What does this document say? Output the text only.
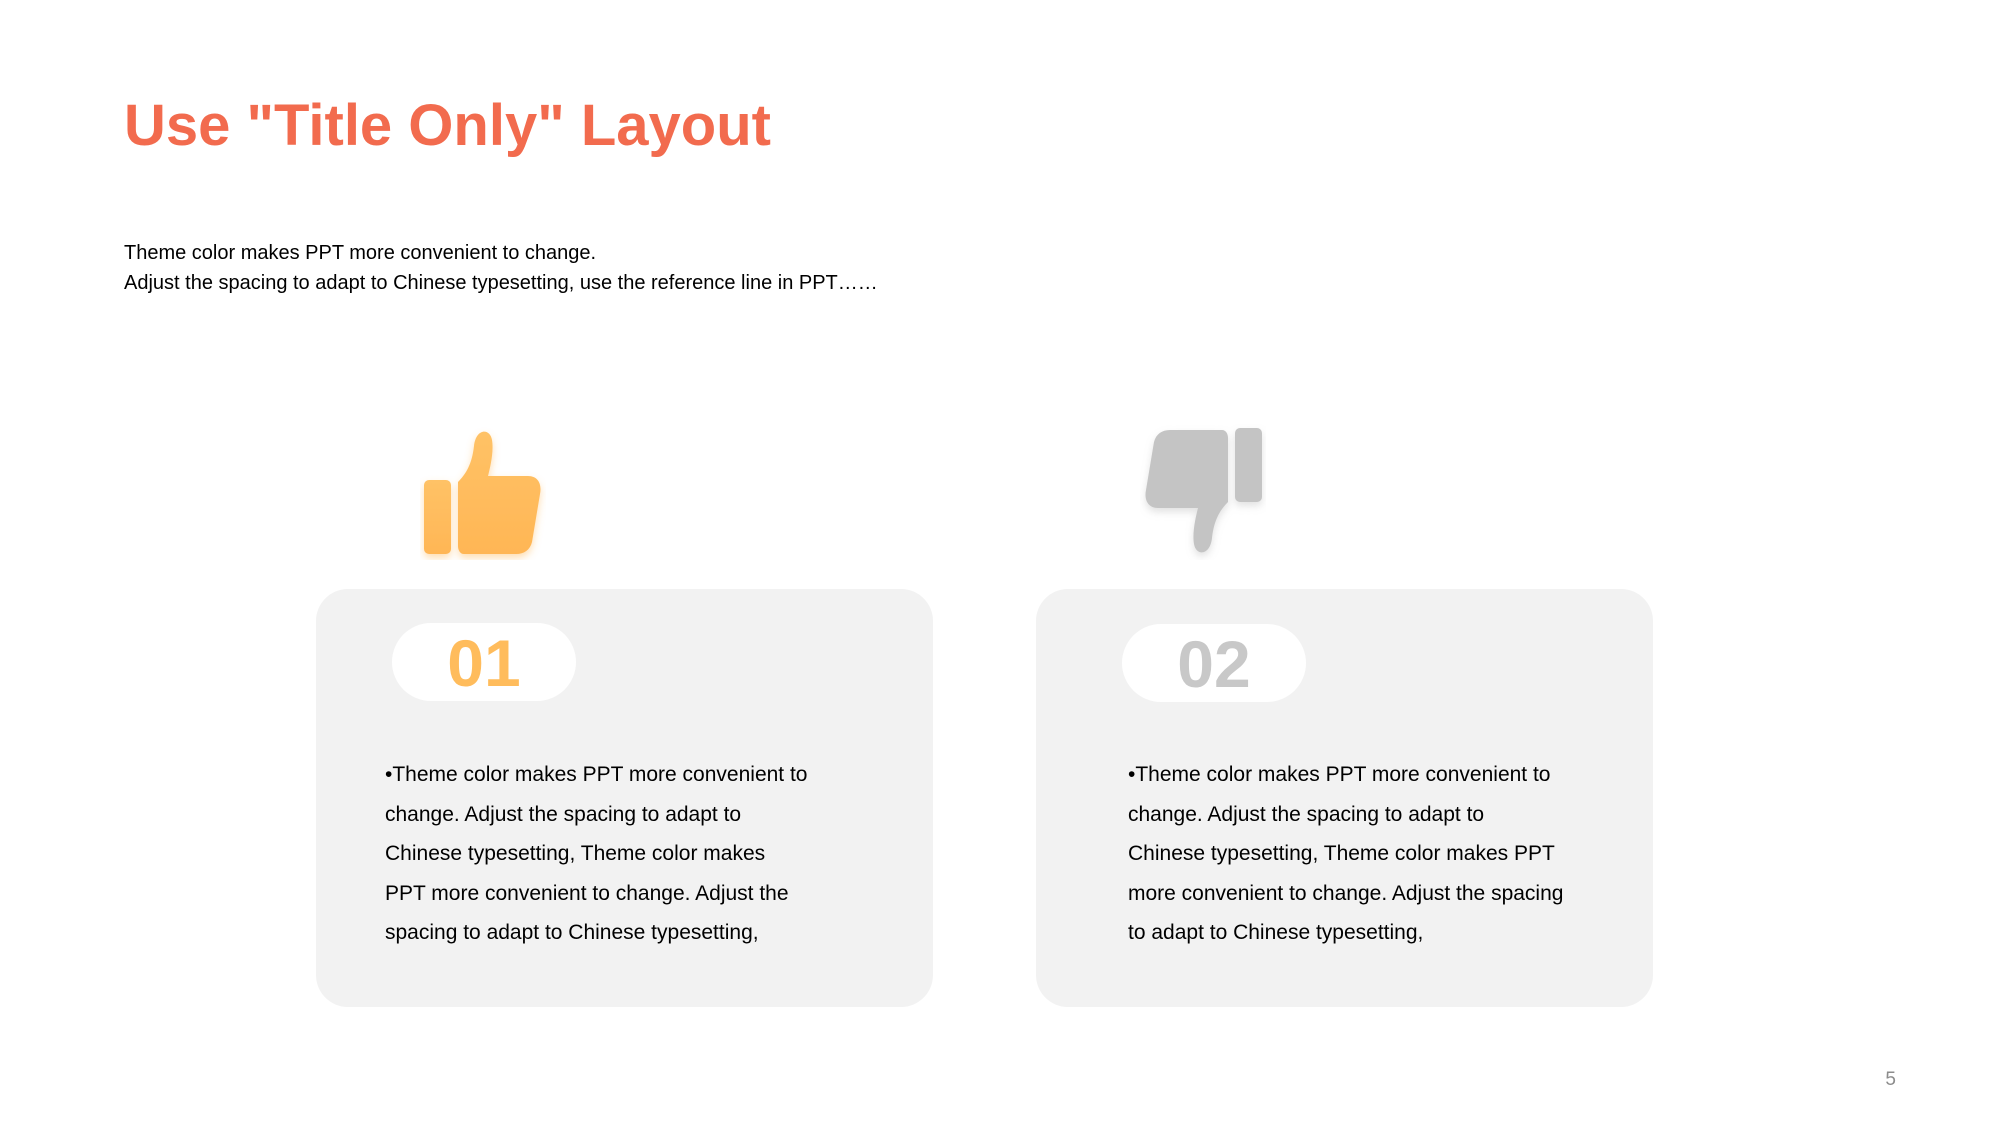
Use "Title Only" Layout
Theme color makes PPT more convenient to change.
Adjust the spacing to adapt to Chinese typesetting, use the reference line in PPT……
01
•Theme color makes PPT more convenient to
change. Adjust the spacing to adapt to
Chinese typesetting, Theme color makes
PPT more convenient to change. Adjust the
spacing to adapt to Chinese typesetting,
02
•Theme color makes PPT more convenient to
change. Adjust the spacing to adapt to
Chinese typesetting, Theme color makes PPT
more convenient to change. Adjust the spacing
to adapt to Chinese typesetting,
5
